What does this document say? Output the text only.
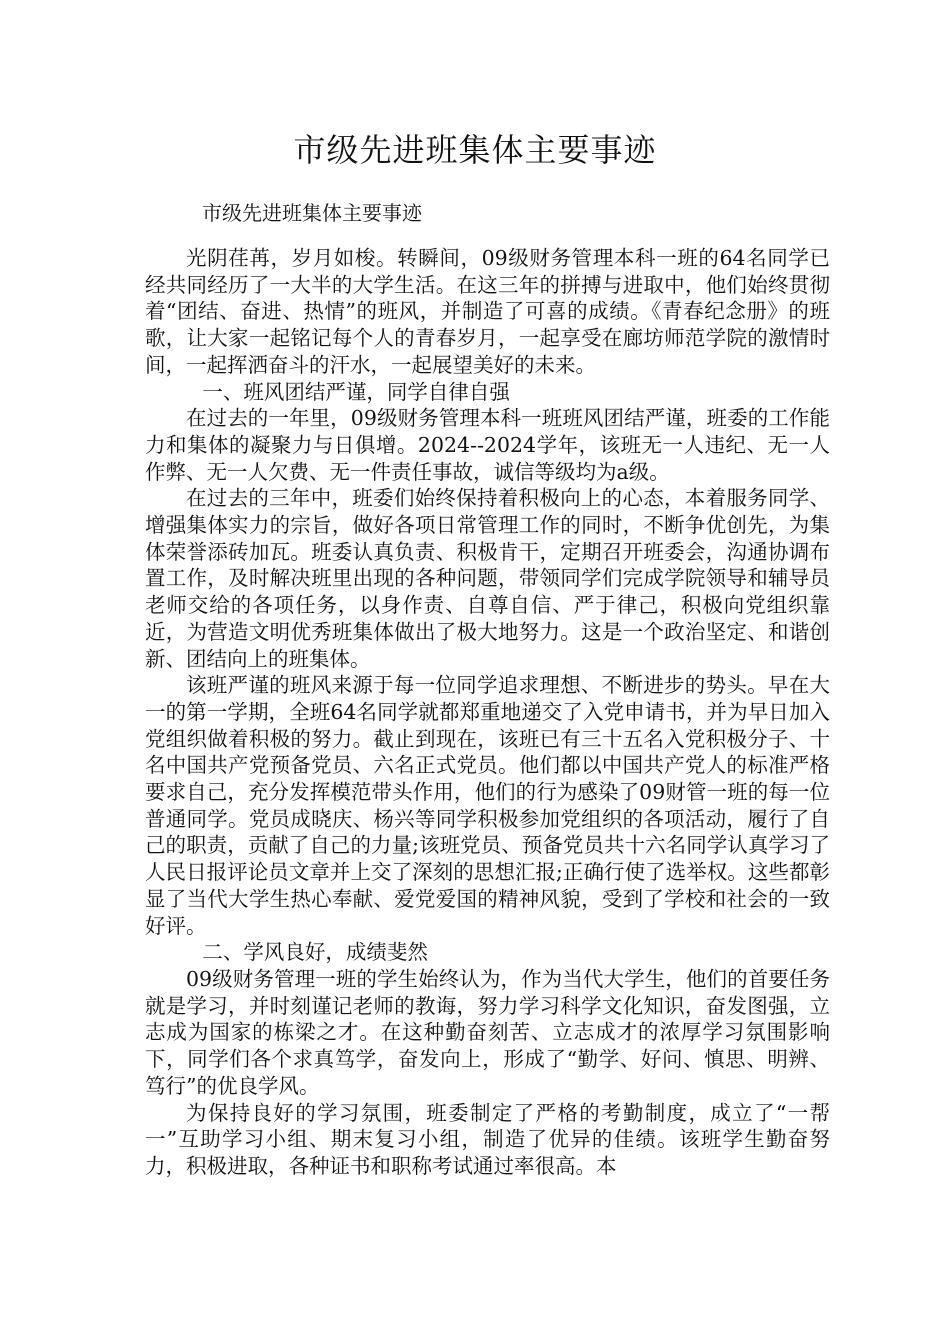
市级先进班集体主要事迹
市级先进班集体主要事迹

光阴荏苒，岁月如梭。转瞬间，09级财务管理本科一班的64名同学已经共同经历了一大半的大学生活。在这三年的拼搏与进取中，他们始终贯彻着“团结、奋进、热情”的班风，并制造了可喜的成绩。《青春纪念册》的班歌，让大家一起铭记每个人的青春岁月，一起享受在廊坊师范学院的激情时间，一起挥洒奋斗的汗水，一起展望美好的未来。

一、班风团结严谨，同学自律自强

在过去的一年里，09级财务管理本科一班班风团结严谨，班委的工作能力和集体的凝聚力与日俱增。2024--2024学年，该班无一人违纪、无一人作弊、无一人欠费、无一件责任事故，诚信等级均为a级。

在过去的三年中，班委们始终保持着积极向上的心态，本着服务同学、增强集体实力的宗旨，做好各项日常管理工作的同时，不断争优创先，为集体荣誉添砖加瓦。班委认真负责、积极肯干，定期召开班委会，沟通协调布置工作，及时解决班里出现的各种问题，带领同学们完成学院领导和辅导员老师交给的各项任务，以身作责、自尊自信、严于律己，积极向党组织靠近，为营造文明优秀班集体做出了极大地努力。这是一个政治坚定、和谐创新、团结向上的班集体。

该班严谨的班风来源于每一位同学追求理想、不断进步的势头。早在大一的第一学期，全班64名同学就都郑重地递交了入党申请书，并为早日加入党组织做着积极的努力。截止到现在，该班已有三十五名入党积极分子、十名中国共产党预备党员、六名正式党员。他们都以中国共产党人的标准严格要求自己，充分发挥模范带头作用，他们的行为感染了09财管一班的每一位普通同学。党员成晓庆、杨兴等同学积极参加党组织的各项活动，履行了自己的职责，贡献了自己的力量;该班党员、预备党员共十六名同学认真学习了人民日报评论员文章并上交了深刻的思想汇报;正确行使了选举权。这些都彰显了当代大学生热心奉献、爱党爱国的精神风貌，受到了学校和社会的一致好评。

二、学风良好，成绩斐然

09级财务管理一班的学生始终认为，作为当代大学生，他们的首要任务就是学习，并时刻谨记老师的教诲，努力学习科学文化知识，奋发图强，立志成为国家的栋梁之才。在这种勤奋刻苦、立志成才的浓厚学习氛围影响下，同学们各个求真笃学，奋发向上，形成了“勤学、好问、慎思、明辨、笃行”的优良学风。

为保持良好的学习氛围，班委制定了严格的考勤制度，成立了“一帮一”互助学习小组、期末复习小组，制造了优异的佳绩。该班学生勤奋努力，积极进取，各种证书和职称考试通过率很高。本
